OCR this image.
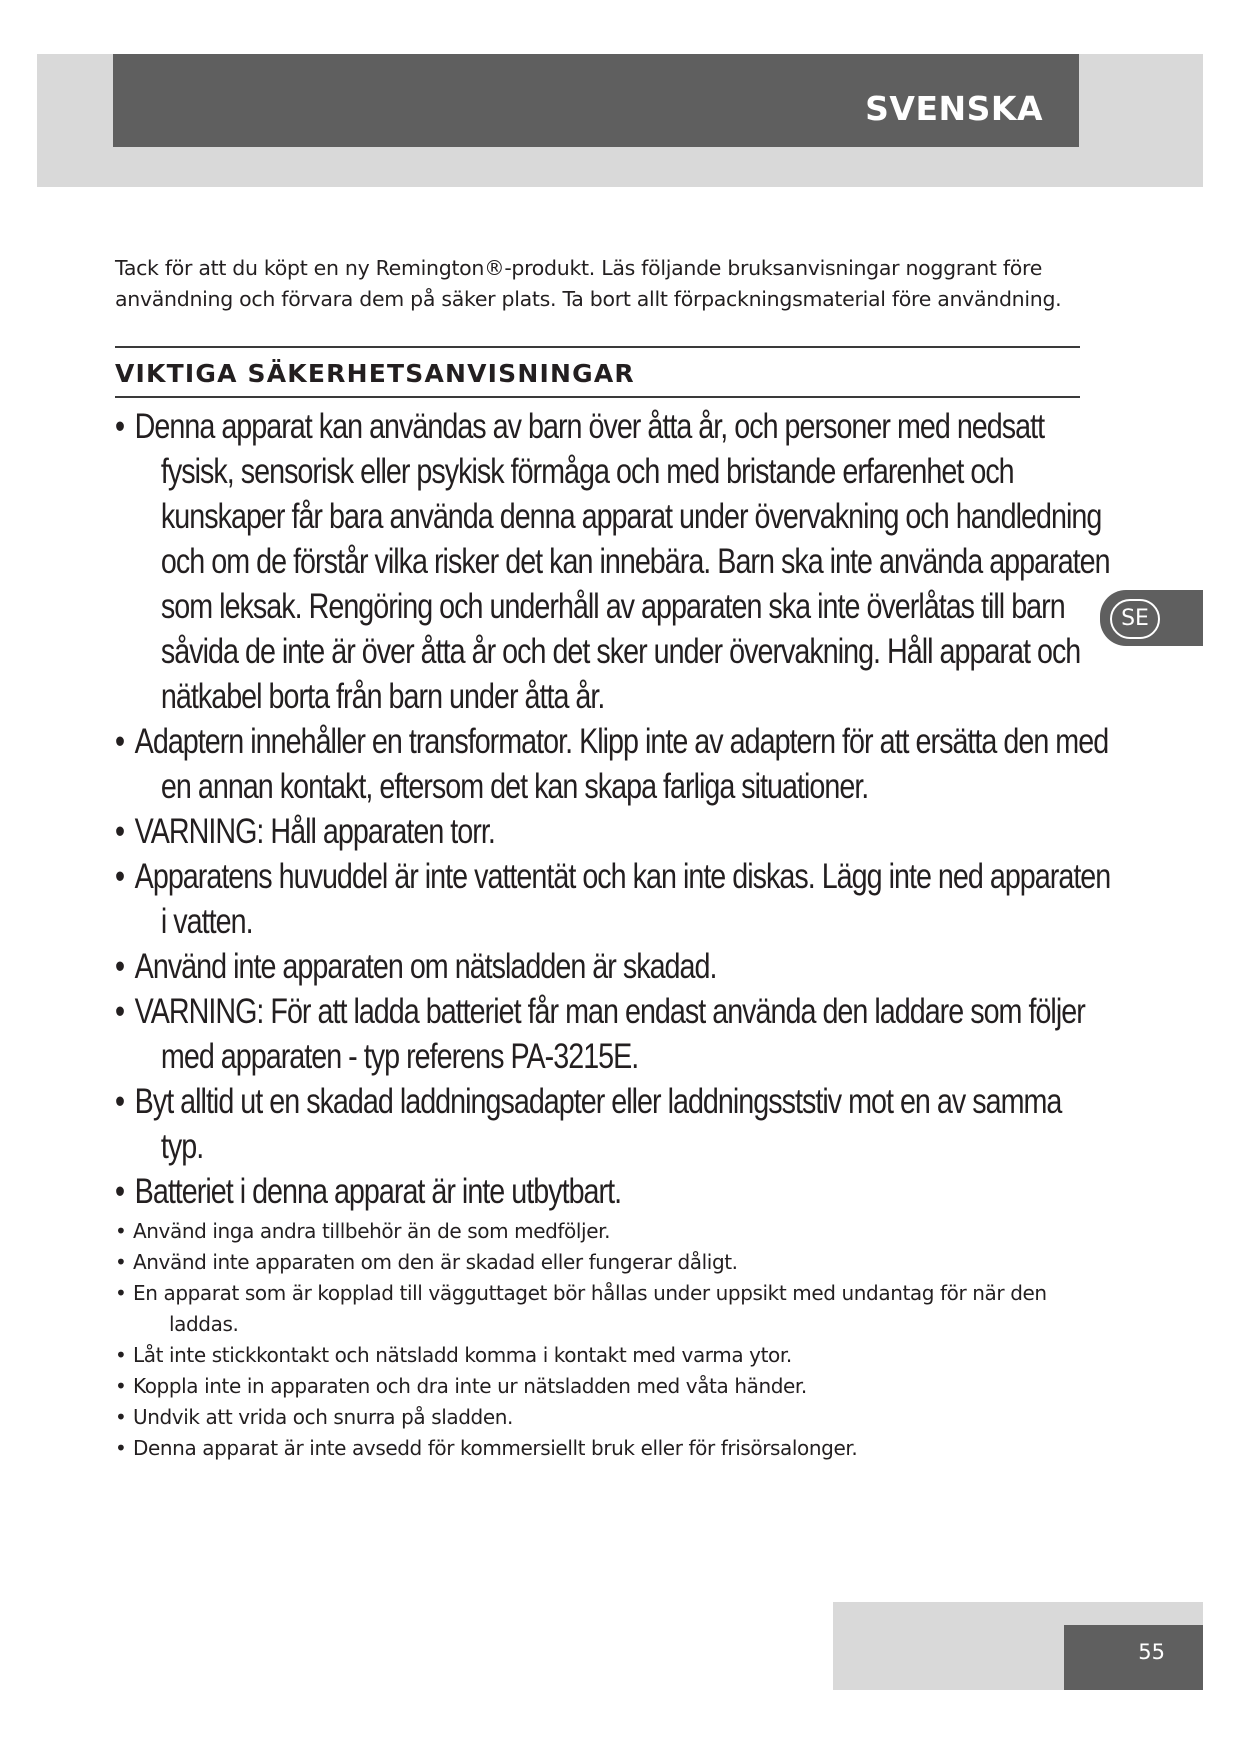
SVENSKA

Tack för att du köpt en ny Remington®-produkt. Läs följande bruksanvisningar noggrant före användning och förvara dem på säker plats. Ta bort allt förpackningsmaterial före användning.

VIKTIGA SÄKERHETSANVISNINGAR
• Denna apparat kan användas av barn över åtta år, och personer med nedsatt fysisk, sensorisk eller psykisk förmåga och med bristande erfarenhet och kunskaper får bara använda denna apparat under övervakning och handledning och om de förstår vilka risker det kan innebära. Barn ska inte använda apparaten som leksak. Rengöring och underhåll av apparaten ska inte överlåtas till barn såvida de inte är över åtta år och det sker under övervakning. Håll apparat och nätkabel borta från barn under åtta år.
• Adaptern innehåller en transformator. Klipp inte av adaptern för att ersätta den med en annan kontakt, eftersom det kan skapa farliga situationer.
• VARNING: Håll apparaten torr.
• Apparatens huvuddel är inte vattentät och kan inte diskas. Lägg inte ned apparaten i vatten.
• Använd inte apparaten om nätsladden är skadad.
• VARNING: För att ladda batteriet får man endast använda den laddare som följer med apparaten - typ referens PA-3215E.
• Byt alltid ut en skadad laddningsadapter eller laddningsststiv mot en av samma typ.
• Batteriet i denna apparat är inte utbytbart.
• Använd inga andra tillbehör än de som medföljer.
• Använd inte apparaten om den är skadad eller fungerar dåligt.
• En apparat som är kopplad till vägguttaget bör hållas under uppsikt med undantag för när den laddas.
• Låt inte stickkontakt och nätsladd komma i kontakt med varma ytor.
• Koppla inte in apparaten och dra inte ur nätsladden med våta händer.
• Undvik att vrida och snurra på sladden.
• Denna apparat är inte avsedd för kommersiellt bruk eller för frisörsalonger.
SE
55
